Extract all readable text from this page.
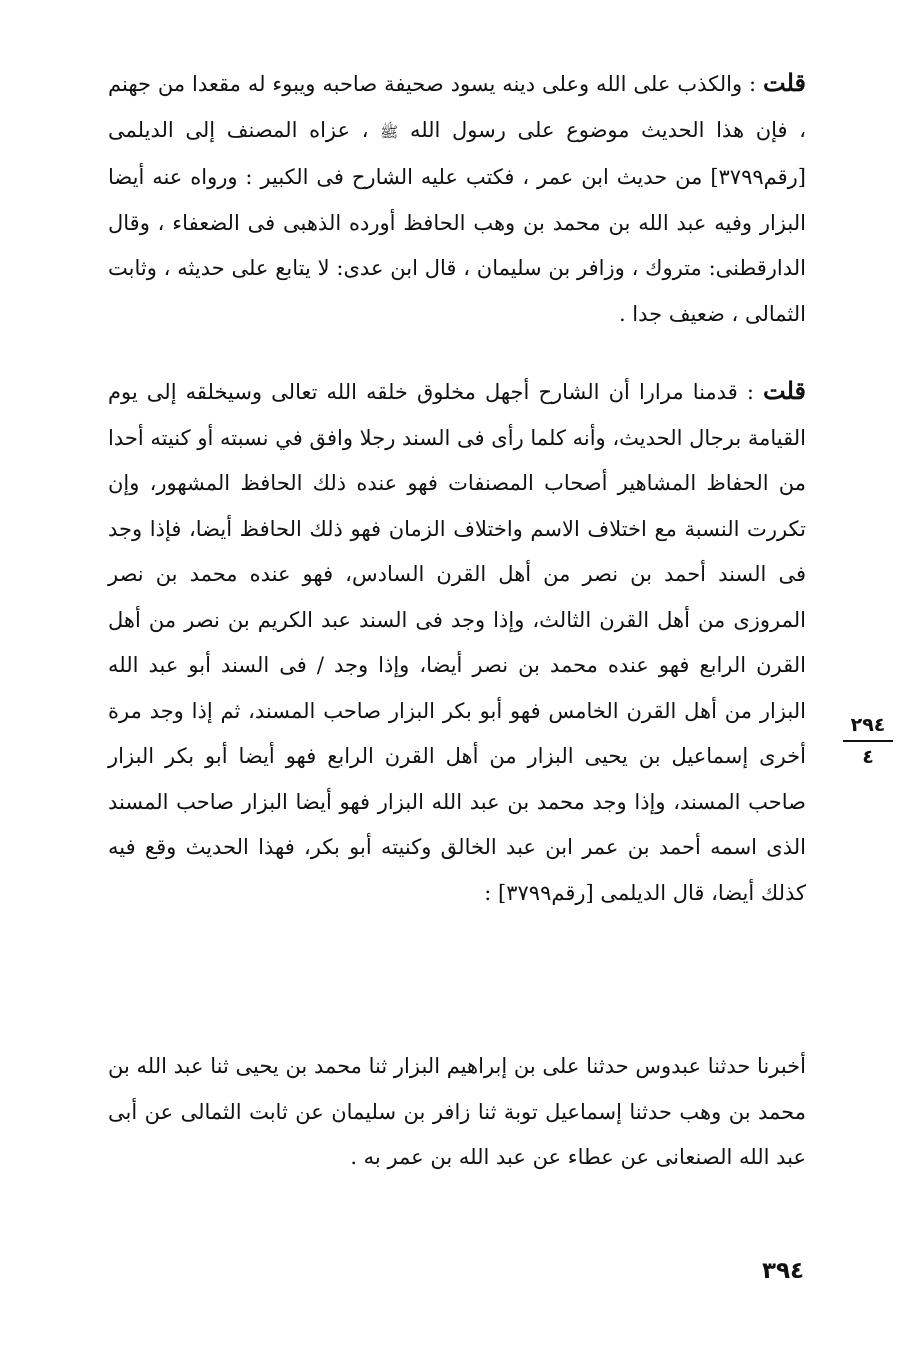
قلت : والكذب على الله وعلى دينه يسود صحيفة صاحبه ويبوء له مقعدا من جهنم ، فإن هذا الحديث موضوع على رسول الله ﷺ ، عزاه المصنف إلى الديلمى [رقم٣٧٩٩] من حديث ابن عمر ، فكتب عليه الشارح فى الكبير : ورواه عنه أيضا البزار وفيه عبد الله بن محمد بن وهب الحافظ أورده الذهبى فى الضعفاء ، وقال الدارقطنى: متروك ، وزافر بن سليمان ، قال ابن عدى: لا يتابع على حديثه ، وثابت الثمالى ، ضعيف جدا .

قلت : قدمنا مرارا أن الشارح أجهل مخلوق خلقه الله تعالى وسيخلقه إلى يوم القيامة برجال الحديث، وأنه كلما رأى فى السند رجلا وافق في نسبته أو كنيته أحدا من الحفاظ المشاهير أصحاب المصنفات فهو عنده ذلك الحافظ المشهور، وإن تكررت النسبة مع اختلاف الاسم واختلاف الزمان فهو ذلك الحافظ أيضا، فإذا وجد فى السند أحمد بن نصر من أهل القرن السادس، فهو عنده محمد بن نصر المروزى من أهل القرن الثالث، وإذا وجد فى السند عبد الكريم بن نصر من أهل القرن الرابع فهو عنده محمد بن نصر أيضا، وإذا وجد / فى السند أبو عبد الله البزار من أهل القرن الخامس فهو أبو بكر البزار صاحب المسند، ثم إذا وجد مرة أخرى إسماعيل بن يحيى البزار من أهل القرن الرابع فهو أيضا أبو بكر البزار صاحب المسند، وإذا وجد محمد بن عبد الله البزار فهو أيضا البزار صاحب المسند الذى اسمه أحمد بن عمر ابن عبد الخالق وكنيته أبو بكر، فهذا الحديث وقع فيه كذلك أيضا، قال الديلمى [رقم٣٧٩٩] :

أخبرنا حدثنا عبدوس حدثنا على بن إبراهيم البزار ثنا محمد بن يحيى ثنا عبد الله بن محمد بن وهب حدثنا إسماعيل توبة ثنا زافر بن سليمان عن ثابت الثمالى عن أبى عبد الله الصنعانى عن عطاء عن عبد الله بن عمر به .

٢٩٤
٤
٣٩٤
